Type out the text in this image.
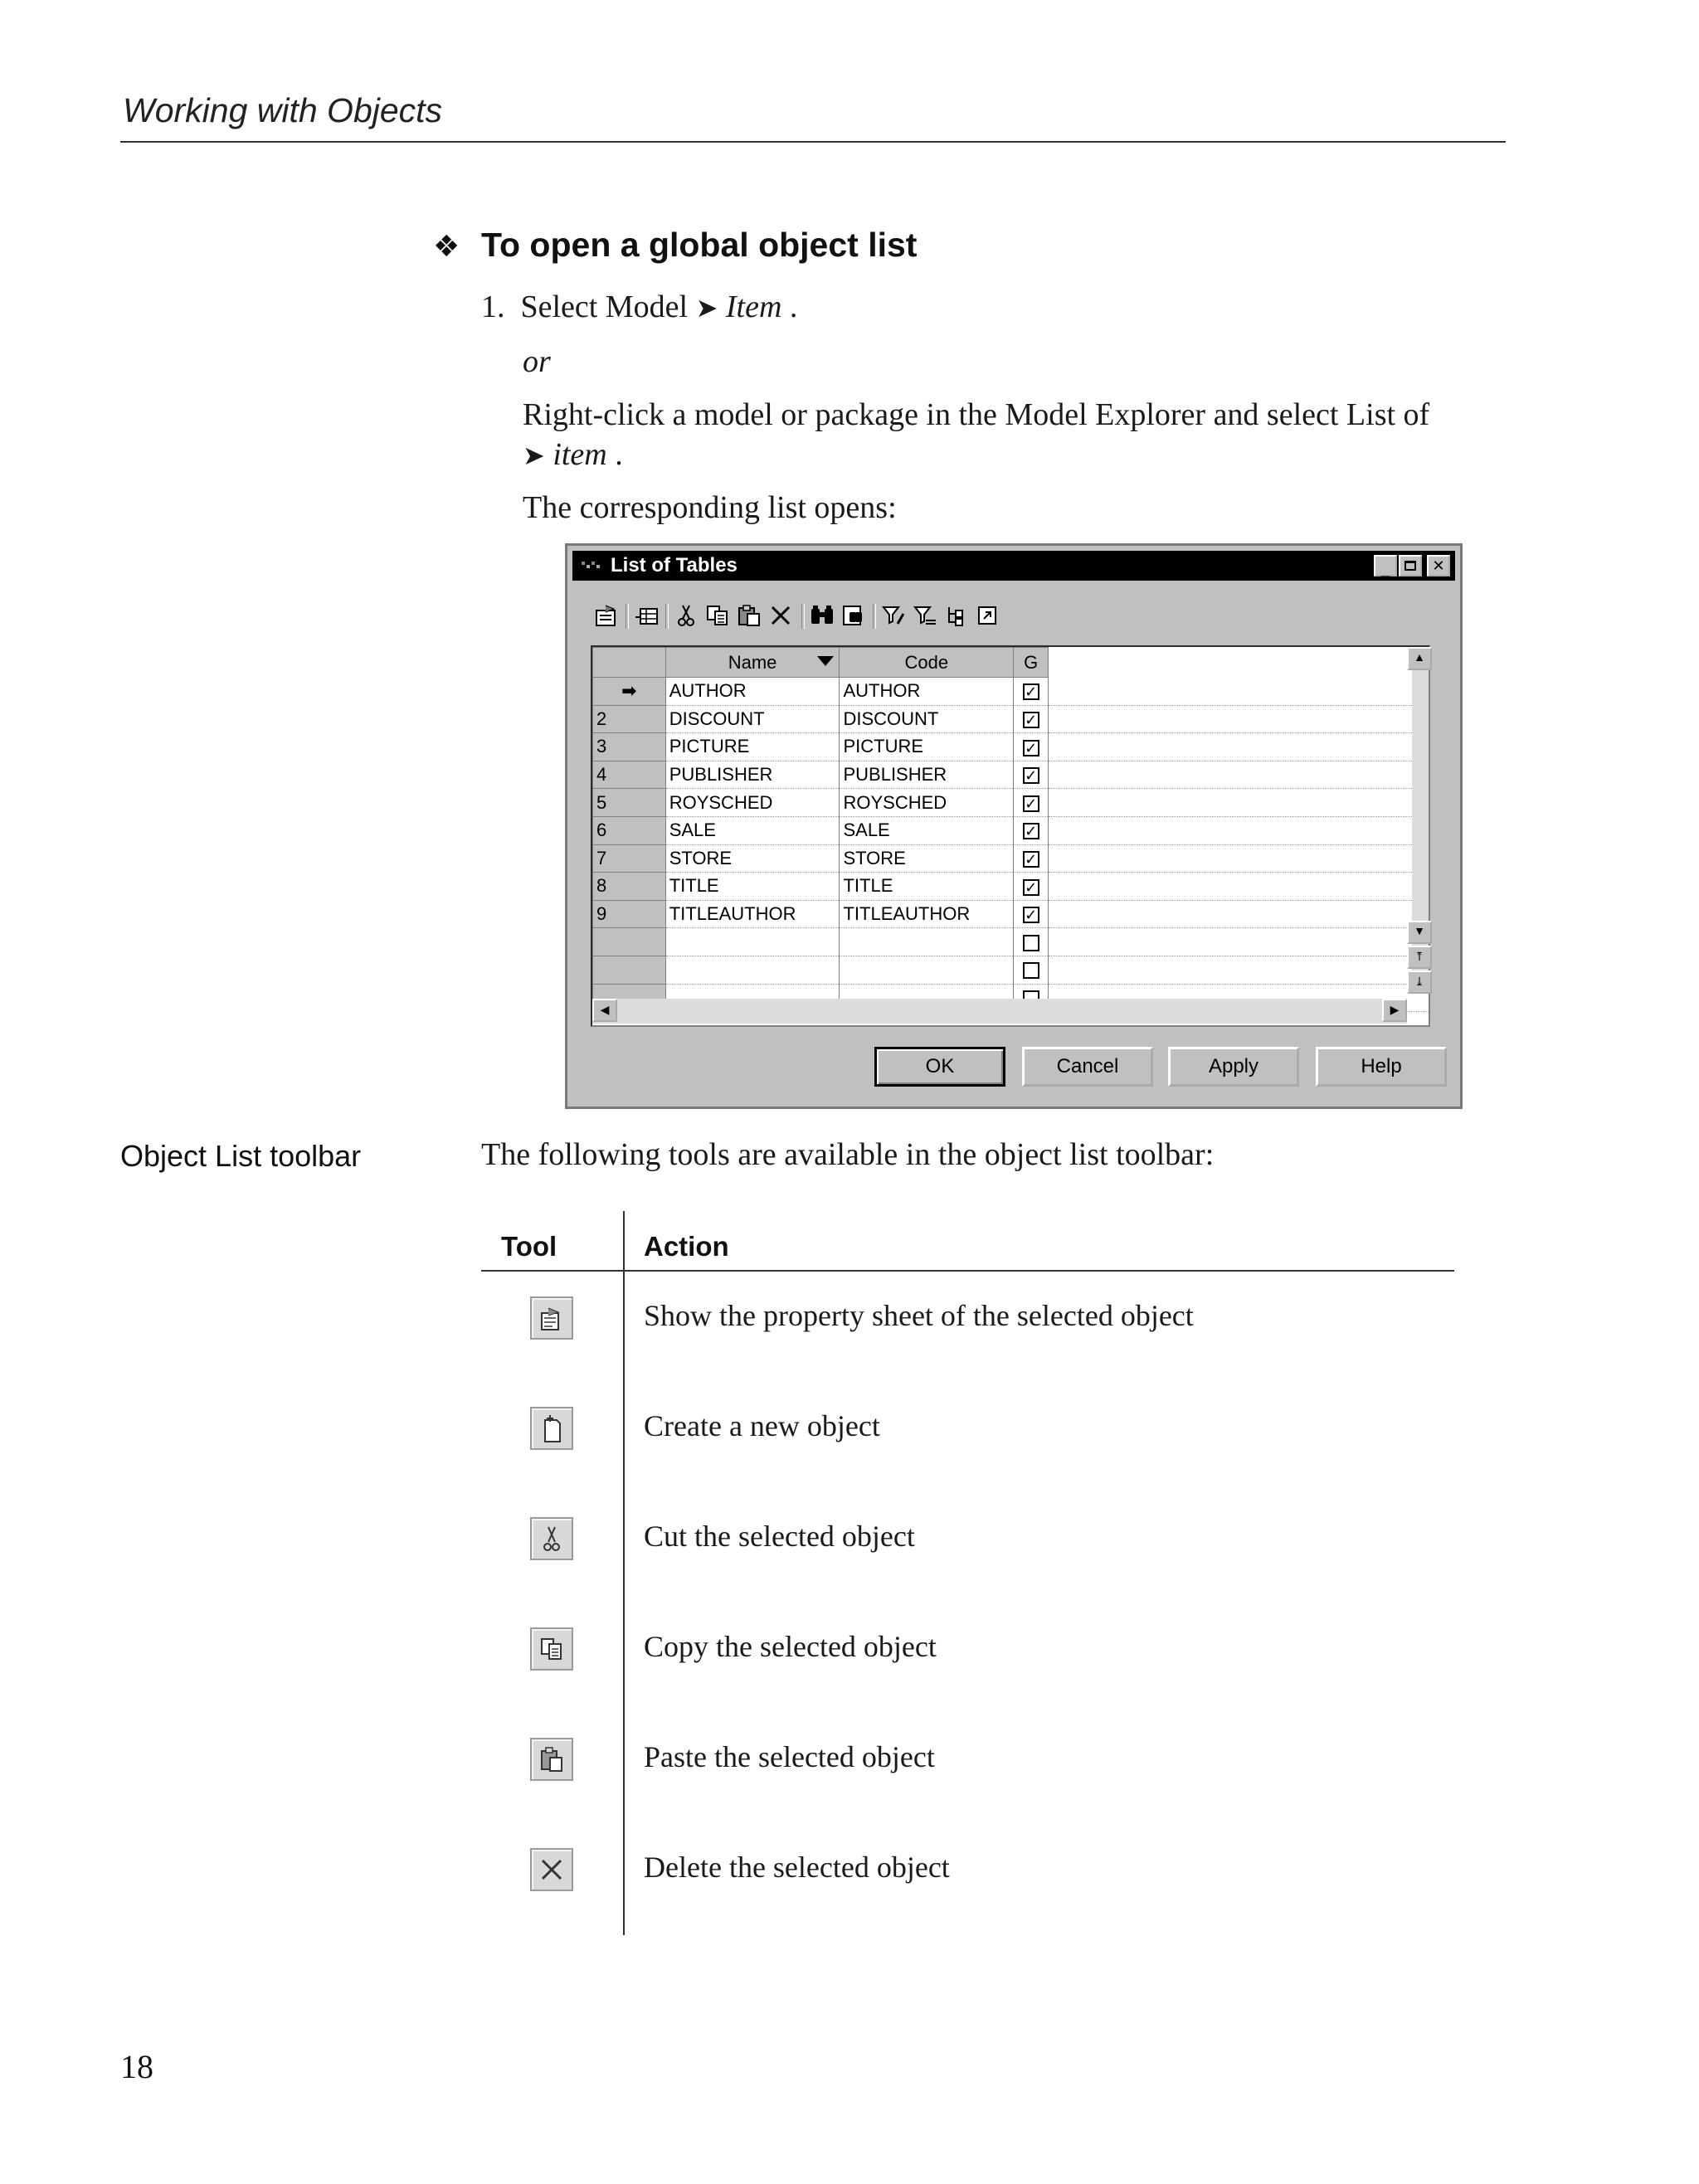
Working with Objects
❖ To open a global object list
1. Select Model ➤ Item .
or
Right-click a model or package in the Model Explorer and select List of
➤ item .
The corresponding list opens:
List of Tables	_	✕
	Name	Code	G	
➡	AUTHOR	AUTHOR	✓	
2	DISCOUNT	DISCOUNT	✓	
3	PICTURE	PICTURE	✓	
4	PUBLISHER	PUBLISHER	✓	
5	ROYSCHED	ROYSCHED	✓	
6	SALE	SALE	✓	
7	STORE	STORE	✓	
8	TITLE	TITLE	✓	
9	TITLEAUTHOR	TITLEAUTHOR	✓	

▲
▼
⤒
⤓
◀	▶
OK	Cancel	Apply	Help
Object List toolbar	The following tools are available in the object list toolbar:
Tool	Action
Show the property sheet of the selected object
Create a new object
Cut the selected object
Copy the selected object
Paste the selected object
Delete the selected object
18
